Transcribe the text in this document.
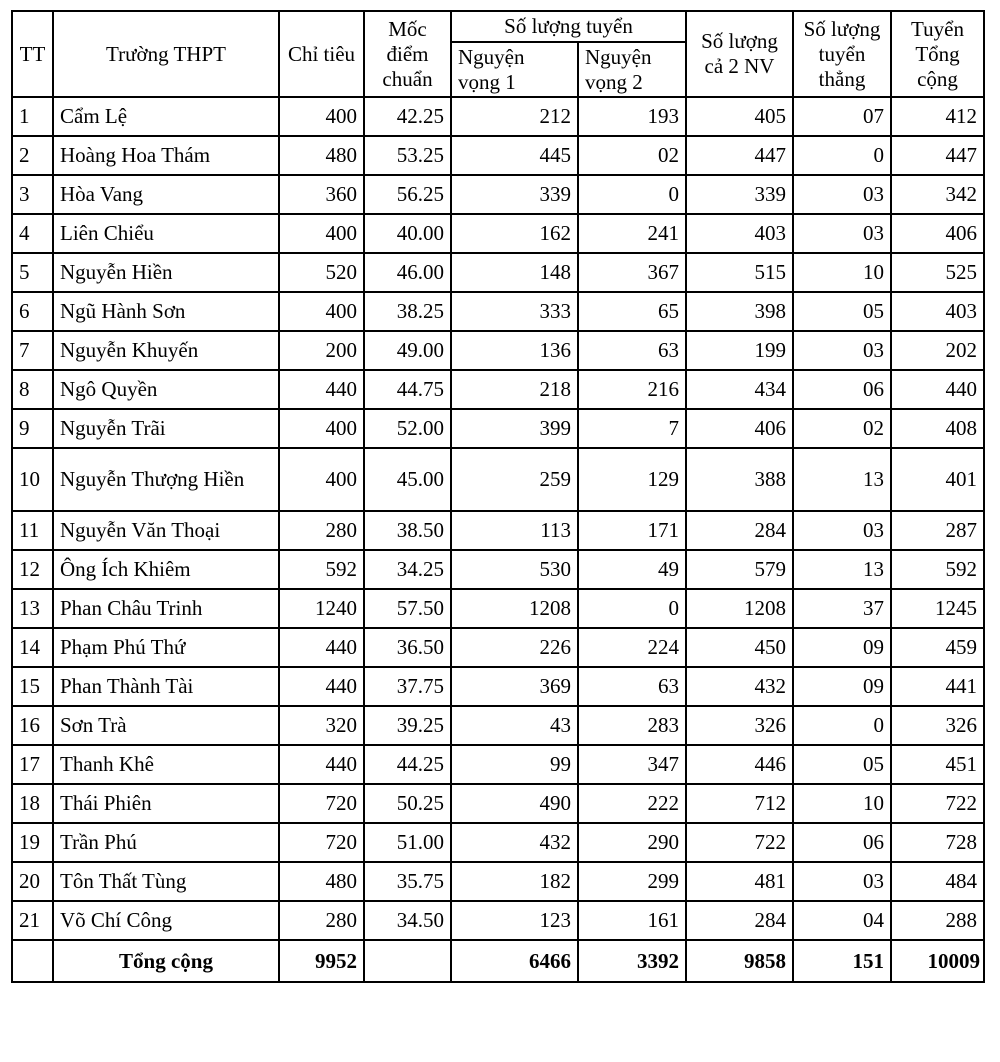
TT	Trường THPT	Chỉ tiêu	Mốc điểm chuẩn	Số lượng tuyển		Số lượng cả 2 NV	Số lượng tuyển thẳng	Tuyển Tổng cộng
				Nguyện vọng 1	Nguyện vọng 2			
1	Cẩm Lệ	400	42.25	212	193	405	07	412
2	Hoàng Hoa Thám	480	53.25	445	02	447	0	447
3	Hòa Vang	360	56.25	339	0	339	03	342
4	Liên Chiểu	400	40.00	162	241	403	03	406
5	Nguyễn Hiền	520	46.00	148	367	515	10	525
6	Ngũ Hành Sơn	400	38.25	333	65	398	05	403
7	Nguyễn Khuyến	200	49.00	136	63	199	03	202
8	Ngô Quyền	440	44.75	218	216	434	06	440
9	Nguyễn Trãi	400	52.00	399	7	406	02	408
10	Nguyễn Thượng Hiền	400	45.00	259	129	388	13	401
11	Nguyễn Văn Thoại	280	38.50	113	171	284	03	287
12	Ông Ích Khiêm	592	34.25	530	49	579	13	592
13	Phan Châu Trinh	1240	57.50	1208	0	1208	37	1245
14	Phạm Phú Thứ	440	36.50	226	224	450	09	459
15	Phan Thành Tài	440	37.75	369	63	432	09	441
16	Sơn Trà	320	39.25	43	283	326	0	326
17	Thanh Khê	440	44.25	99	347	446	05	451
18	Thái Phiên	720	50.25	490	222	712	10	722
19	Trần Phú	720	51.00	432	290	722	06	728
20	Tôn Thất Tùng	480	35.75	182	299	481	03	484
21	Võ Chí Công	280	34.50	123	161	284	04	288
	Tổng cộng	9952		6466	3392	9858	151	10009
